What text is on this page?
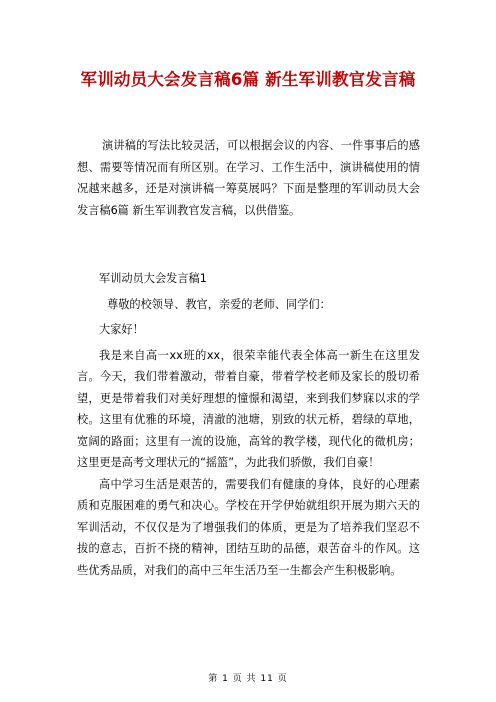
军训动员大会发言稿6篇 新生军训教官发言稿

演讲稿的写法比较灵活，可以根据会议的内容、一件事事后的感想、需要等情况而有所区别。在学习、工作生活中，演讲稿使用的情况越来越多，还是对演讲稿一筹莫展吗？下面是整理的军训动员大会发言稿6篇 新生军训教官发言稿，以供借鉴。

军训动员大会发言稿1

尊敬的校领导、教官，亲爱的老师、同学们：

大家好！

我是来自高一xx班的xx，很荣幸能代表全体高一新生在这里发言。今天，我们带着激动，带着自豪，带着学校老师及家长的殷切希望，更是带着我们对美好理想的憧憬和渴望，来到我们梦寐以求的学校。这里有优雅的环境，清澈的池塘，别致的状元桥，碧绿的草地，宽阔的路面；这里有一流的设施，高耸的教学楼，现代化的微机房；这里更是高考文理状元的“摇篮”，为此我们骄傲，我们自豪！

高中学习生活是艰苦的，需要我们有健康的身体，良好的心理素质和克服困难的勇气和决心。学校在开学伊始就组织开展为期六天的军训活动，不仅仅是为了增强我们的体质，更是为了培养我们坚忍不拔的意志，百折不挠的精神，团结互助的品德，艰苦奋斗的作风。这些优秀品质，对我们的高中三年生活乃至一生都会产生积极影响。

第 1 页 共 11 页
